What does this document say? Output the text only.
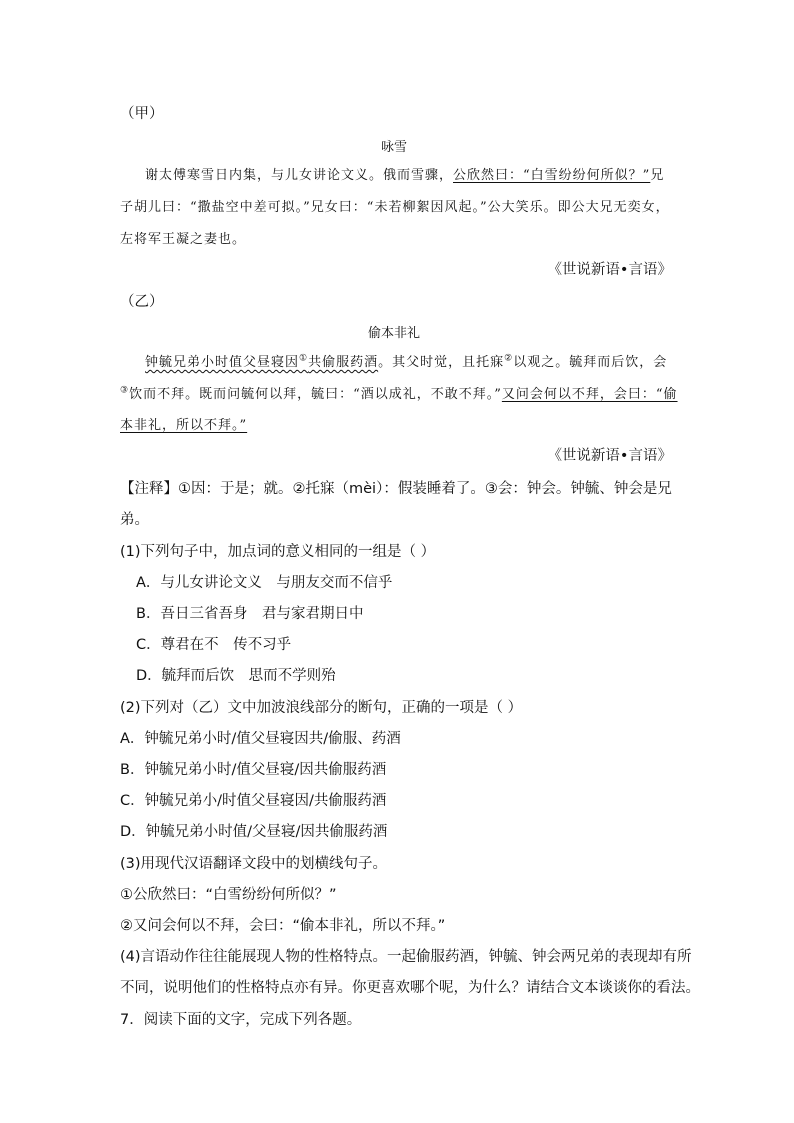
（甲）
咏雪
谢太傅寒雪日内集，与儿女讲论文义。俄而雪骤，公欣然曰：“白雪纷纷何所似？”兄
子胡儿曰：“撒盐空中差可拟。”兄女曰：“未若柳絮因风起。”公大笑乐。即公大兄无奕女，
左将军王凝之妻也。
《世说新语•言语》
（乙）
偷本非礼
钟毓兄弟小时值父昼寝因①共偷服药酒。其父时觉，且托寐②以观之。毓拜而后饮，会
③饮而不拜。既而问毓何以拜，毓曰：“酒以成礼，不敢不拜。”又问会何以不拜，会曰：“偷
本非礼，所以不拜。”
《世说新语•言语》
【注释】①因：于是；就。②托寐（mèi）：假装睡着了。③会：钟会。钟毓、钟会是兄
弟。
(1)下列句子中，加点词的意义相同的一组是（ ）
A．与儿女讲论文义　与朋友交而不信乎
B．吾日三省吾身　君与家君期日中
C．尊君在不　传不习乎
D．毓拜而后饮　思而不学则殆
(2)下列对（乙）文中加波浪线部分的断句，正确的一项是（ ）
A．钟毓兄弟小时/值父昼寝因共/偷服、药酒
B．钟毓兄弟小时/值父昼寝/因共偷服药酒
C．钟毓兄弟小/时值父昼寝因/共偷服药酒
D．钟毓兄弟小时值/父昼寝/因共偷服药酒
(3)用现代汉语翻译文段中的划横线句子。
①公欣然曰：“白雪纷纷何所似？”
②又问会何以不拜，会曰：“偷本非礼，所以不拜。”
(4)言语动作往往能展现人物的性格特点。一起偷服药酒，钟毓、钟会两兄弟的表现却有所
不同，说明他们的性格特点亦有异。你更喜欢哪个呢，为什么？请结合文本谈谈你的看法。
7．阅读下面的文字，完成下列各题。
